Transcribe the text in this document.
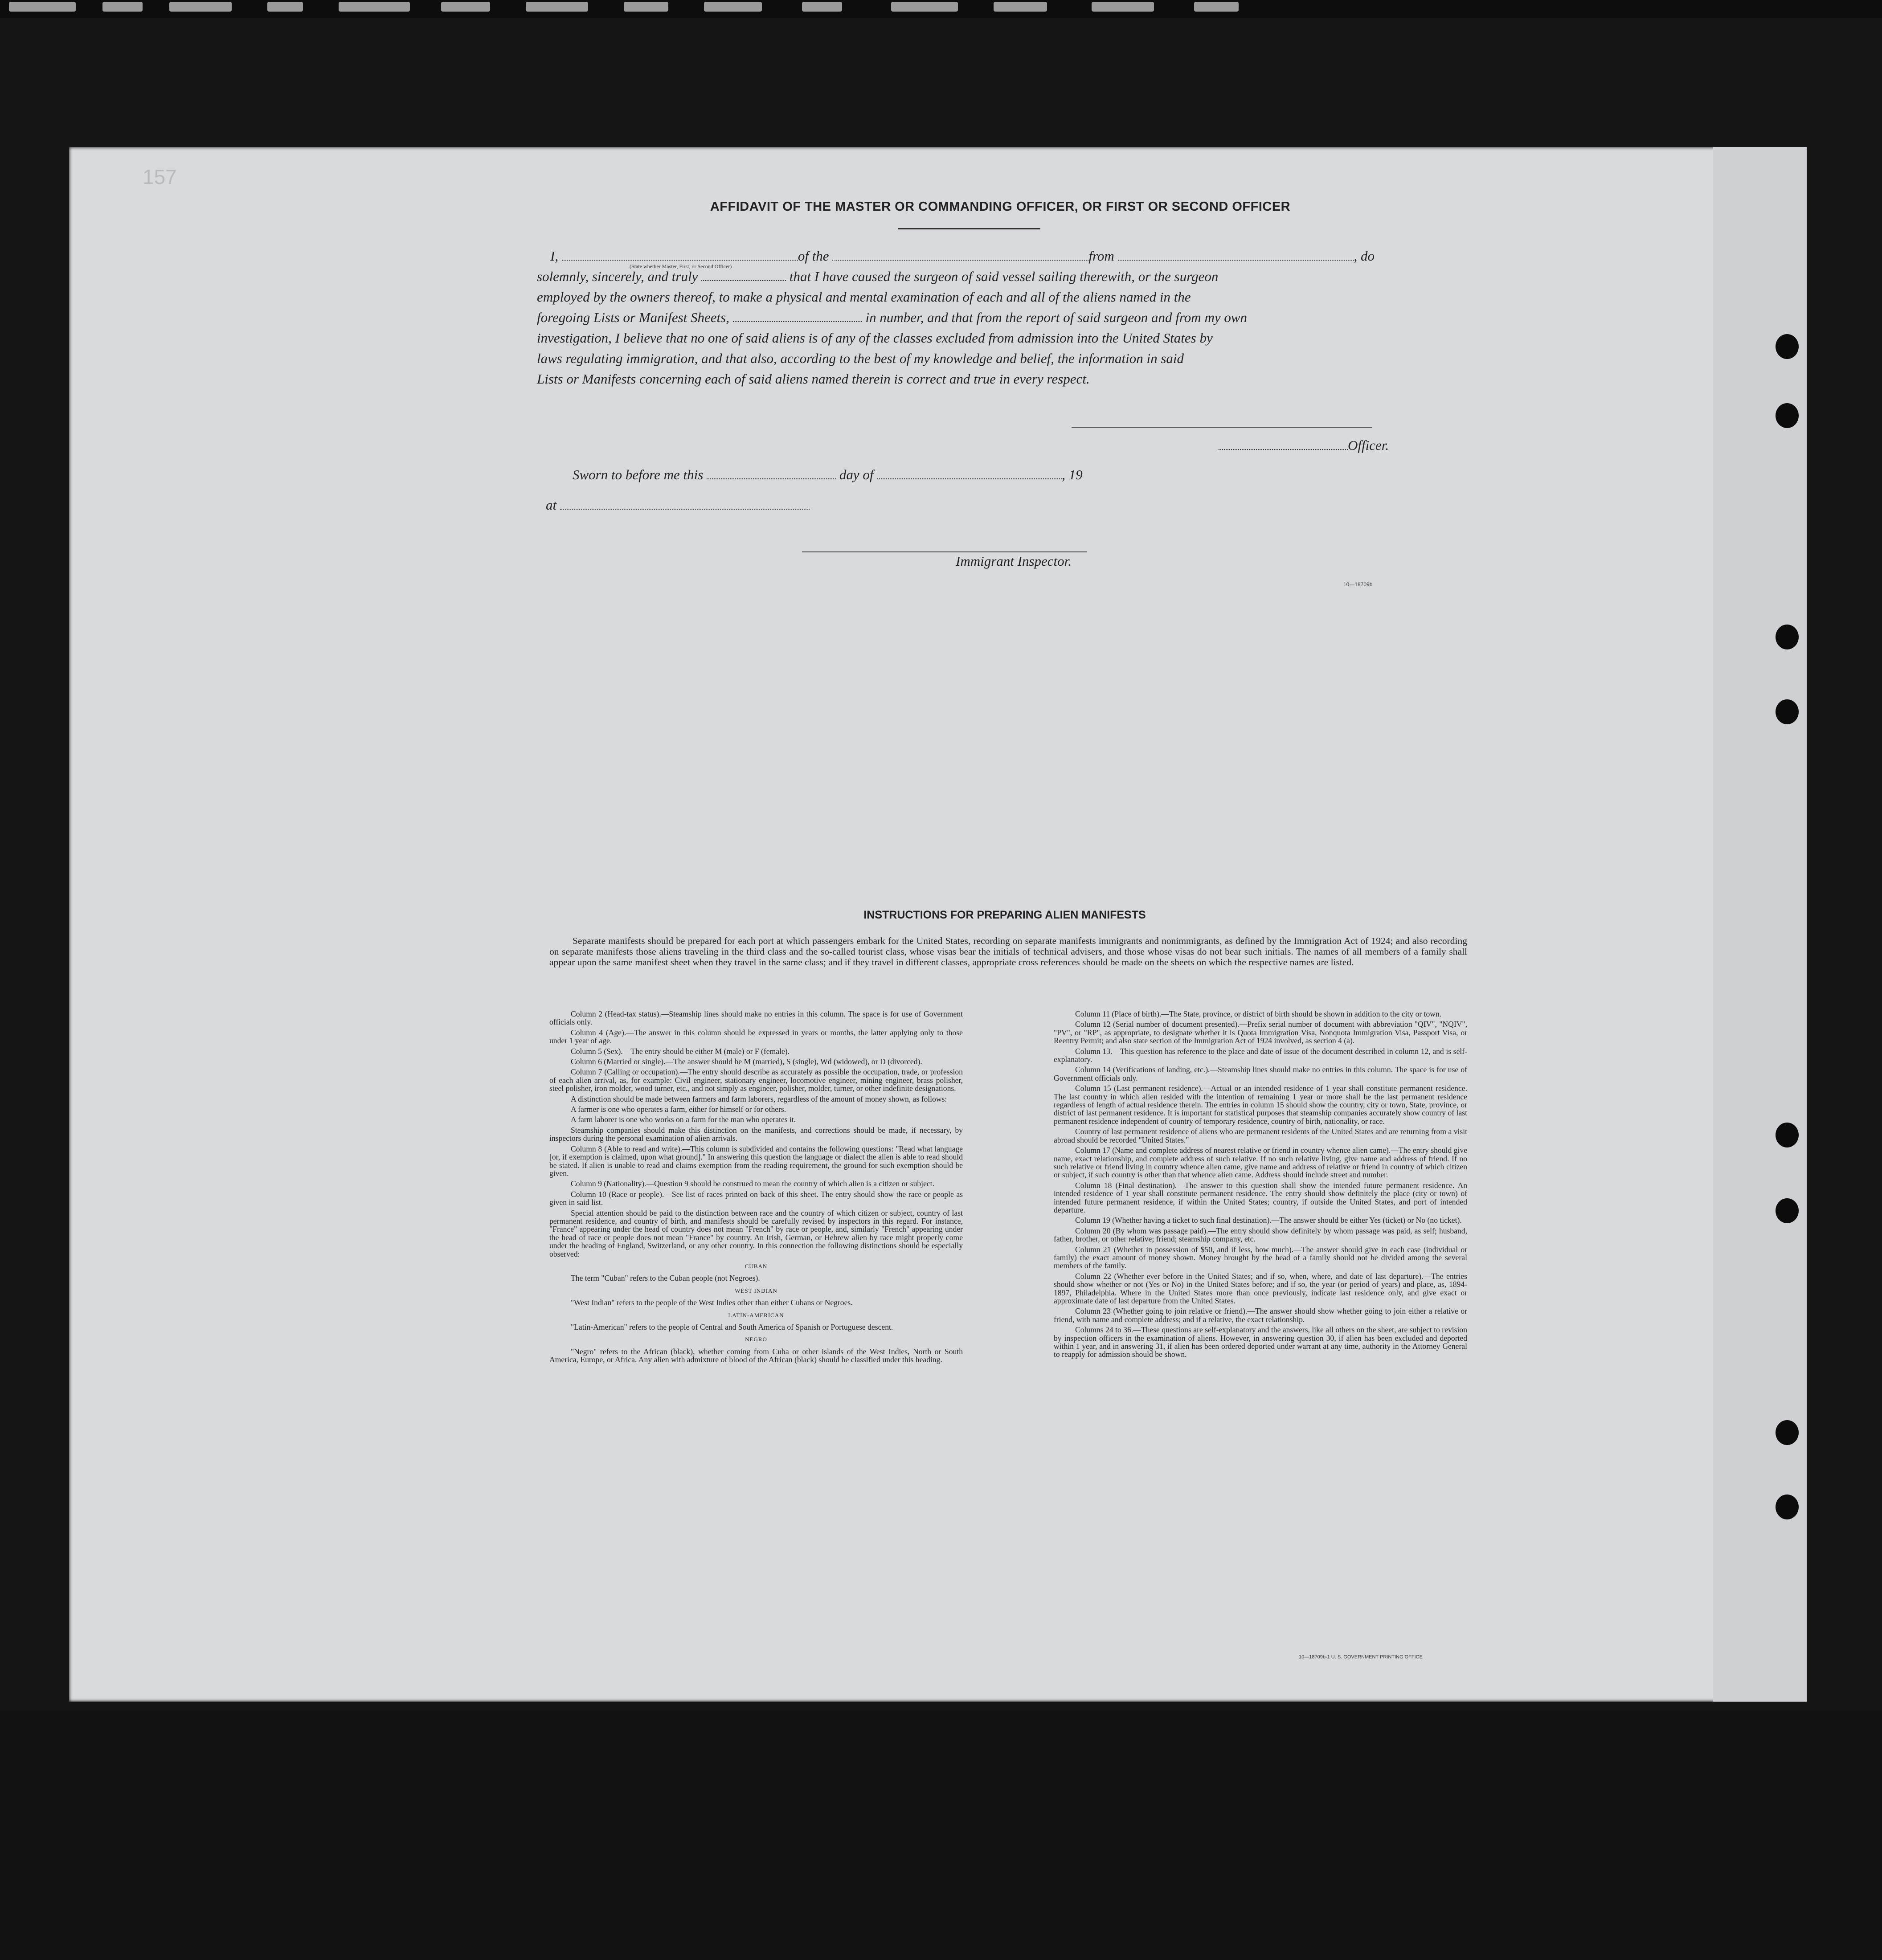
157
AFFIDAVIT OF THE MASTER OR COMMANDING OFFICER, OR FIRST OR SECOND OFFICER

I,	of the	from	, do

solemnly, sincerely, and truly	that I have caused the surgeon of said vessel sailing therewith, or the surgeon

employed by the owners thereof, to make a physical and mental examination of each and all of the aliens named in the

foregoing Lists or Manifest Sheets,	in number, and that from the report of said surgeon and from my own

investigation, I believe that no one of said aliens is of any of the classes excluded from admission into the United States by

laws regulating immigration, and that also, according to the best of my knowledge and belief, the information in said

Lists or Manifests concerning each of said aliens named therein is correct and true in every respect.

(State whether Master, First, or Second Officer)
Officer.
Sworn to before me this	day of	, 19
at
Immigrant Inspector.
10—18709b
INSTRUCTIONS FOR PREPARING ALIEN MANIFESTS

Separate manifests should be prepared for each port at which passengers embark for the United States, recording on separate manifests immigrants and nonimmigrants, as defined by the Immigration Act of 1924; and also recording on separate manifests those aliens traveling in the third class and the so-called tourist class, whose visas bear the initials of technical advisers, and those whose visas do not bear such initials. The names of all members of a family shall appear upon the same manifest sheet when they travel in the same class; and if they travel in different classes, appropriate cross references should be made on the sheets on which the respective names are listed.

Column 2 (Head-tax status).—Steamship lines should make no entries in this column. The space is for use of Government officials only.

Column 4 (Age).—The answer in this column should be expressed in years or months, the latter applying only to those under 1 year of age.

Column 5 (Sex).—The entry should be either M (male) or F (female).

Column 6 (Married or single).—The answer should be M (married), S (single), Wd (widowed), or D (divorced).

Column 7 (Calling or occupation).—The entry should describe as accurately as possible the occupation, trade, or profession of each alien arrival, as, for example: Civil engineer, stationary engineer, locomotive engineer, mining engineer, brass polisher, steel polisher, iron molder, wood turner, etc., and not simply as engineer, polisher, molder, turner, or other indefinite designations.

A distinction should be made between farmers and farm laborers, regardless of the amount of money shown, as follows:

A farmer is one who operates a farm, either for himself or for others.

A farm laborer is one who works on a farm for the man who operates it.

Steamship companies should make this distinction on the manifests, and corrections should be made, if necessary, by inspectors during the personal examination of alien arrivals.

Column 8 (Able to read and write).—This column is subdivided and contains the following questions: "Read what language [or, if exemption is claimed, upon what ground]." In answering this question the language or dialect the alien is able to read should be stated. If alien is unable to read and claims exemption from the reading requirement, the ground for such exemption should be given.

Column 9 (Nationality).—Question 9 should be construed to mean the country of which alien is a citizen or subject.

Column 10 (Race or people).—See list of races printed on back of this sheet. The entry should show the race or people as given in said list.

Special attention should be paid to the distinction between race and the country of which citizen or subject, country of last permanent residence, and country of birth, and manifests should be carefully revised by inspectors in this regard. For instance, "France" appearing under the head of country does not mean "French" by race or people, and, similarly "French" appearing under the head of race or people does not mean "France" by country. An Irish, German, or Hebrew alien by race might properly come under the heading of England, Switzerland, or any other country. In this connection the following distinctions should be especially observed:

CUBAN

The term "Cuban" refers to the Cuban people (not Negroes).

WEST INDIAN

"West Indian" refers to the people of the West Indies other than either Cubans or Negroes.

LATIN-AMERICAN

"Latin-American" refers to the people of Central and South America of Spanish or Portuguese descent.

NEGRO

"Negro" refers to the African (black), whether coming from Cuba or other islands of the West Indies, North or South America, Europe, or Africa. Any alien with admixture of blood of the African (black) should be classified under this heading.

Column 11 (Place of birth).—The State, province, or district of birth should be shown in addition to the city or town.

Column 12 (Serial number of document presented).—Prefix serial number of document with abbreviation "QIV", "NQIV", "PV", or "RP", as appropriate, to designate whether it is Quota Immigration Visa, Nonquota Immigration Visa, Passport Visa, or Reentry Permit; and also state section of the Immigration Act of 1924 involved, as section 4 (a).

Column 13.—This question has reference to the place and date of issue of the document described in column 12, and is self-explanatory.

Column 14 (Verifications of landing, etc.).—Steamship lines should make no entries in this column. The space is for use of Government officials only.

Column 15 (Last permanent residence).—Actual or an intended residence of 1 year shall constitute permanent residence. The last country in which alien resided with the intention of remaining 1 year or more shall be the last permanent residence regardless of length of actual residence therein. The entries in column 15 should show the country, city or town, State, province, or district of last permanent residence. It is important for statistical purposes that steamship companies accurately show country of last permanent residence independent of country of temporary residence, country of birth, nationality, or race.

Country of last permanent residence of aliens who are permanent residents of the United States and are returning from a visit abroad should be recorded "United States."

Column 17 (Name and complete address of nearest relative or friend in country whence alien came).—The entry should give name, exact relationship, and complete address of such relative. If no such relative living, give name and address of friend. If no such relative or friend living in country whence alien came, give name and address of relative or friend in country of which citizen or subject, if such country is other than that whence alien came. Address should include street and number.

Column 18 (Final destination).—The answer to this question shall show the intended future permanent residence. An intended residence of 1 year shall constitute permanent residence. The entry should show definitely the place (city or town) of intended future permanent residence, if within the United States; country, if outside the United States, and port of intended departure.

Column 19 (Whether having a ticket to such final destination).—The answer should be either Yes (ticket) or No (no ticket).

Column 20 (By whom was passage paid).—The entry should show definitely by whom passage was paid, as self; husband, father, brother, or other relative; friend; steamship company, etc.

Column 21 (Whether in possession of $50, and if less, how much).—The answer should give in each case (individual or family) the exact amount of money shown. Money brought by the head of a family should not be divided among the several members of the family.

Column 22 (Whether ever before in the United States; and if so, when, where, and date of last departure).—The entries should show whether or not (Yes or No) in the United States before; and if so, the year (or period of years) and place, as, 1894-1897, Philadelphia. Where in the United States more than once previously, indicate last residence only, and give exact or approximate date of last departure from the United States.

Column 23 (Whether going to join relative or friend).—The answer should show whether going to join either a relative or friend, with name and complete address; and if a relative, the exact relationship.

Columns 24 to 36.—These questions are self-explanatory and the answers, like all others on the sheet, are subject to revision by inspection officers in the examination of aliens. However, in answering question 30, if alien has been excluded and deported within 1 year, and in answering 31, if alien has been ordered deported under warrant at any time, authority in the Attorney General to reapply for admission should be shown.

10—18709b-1 U. S. GOVERNMENT PRINTING OFFICE
